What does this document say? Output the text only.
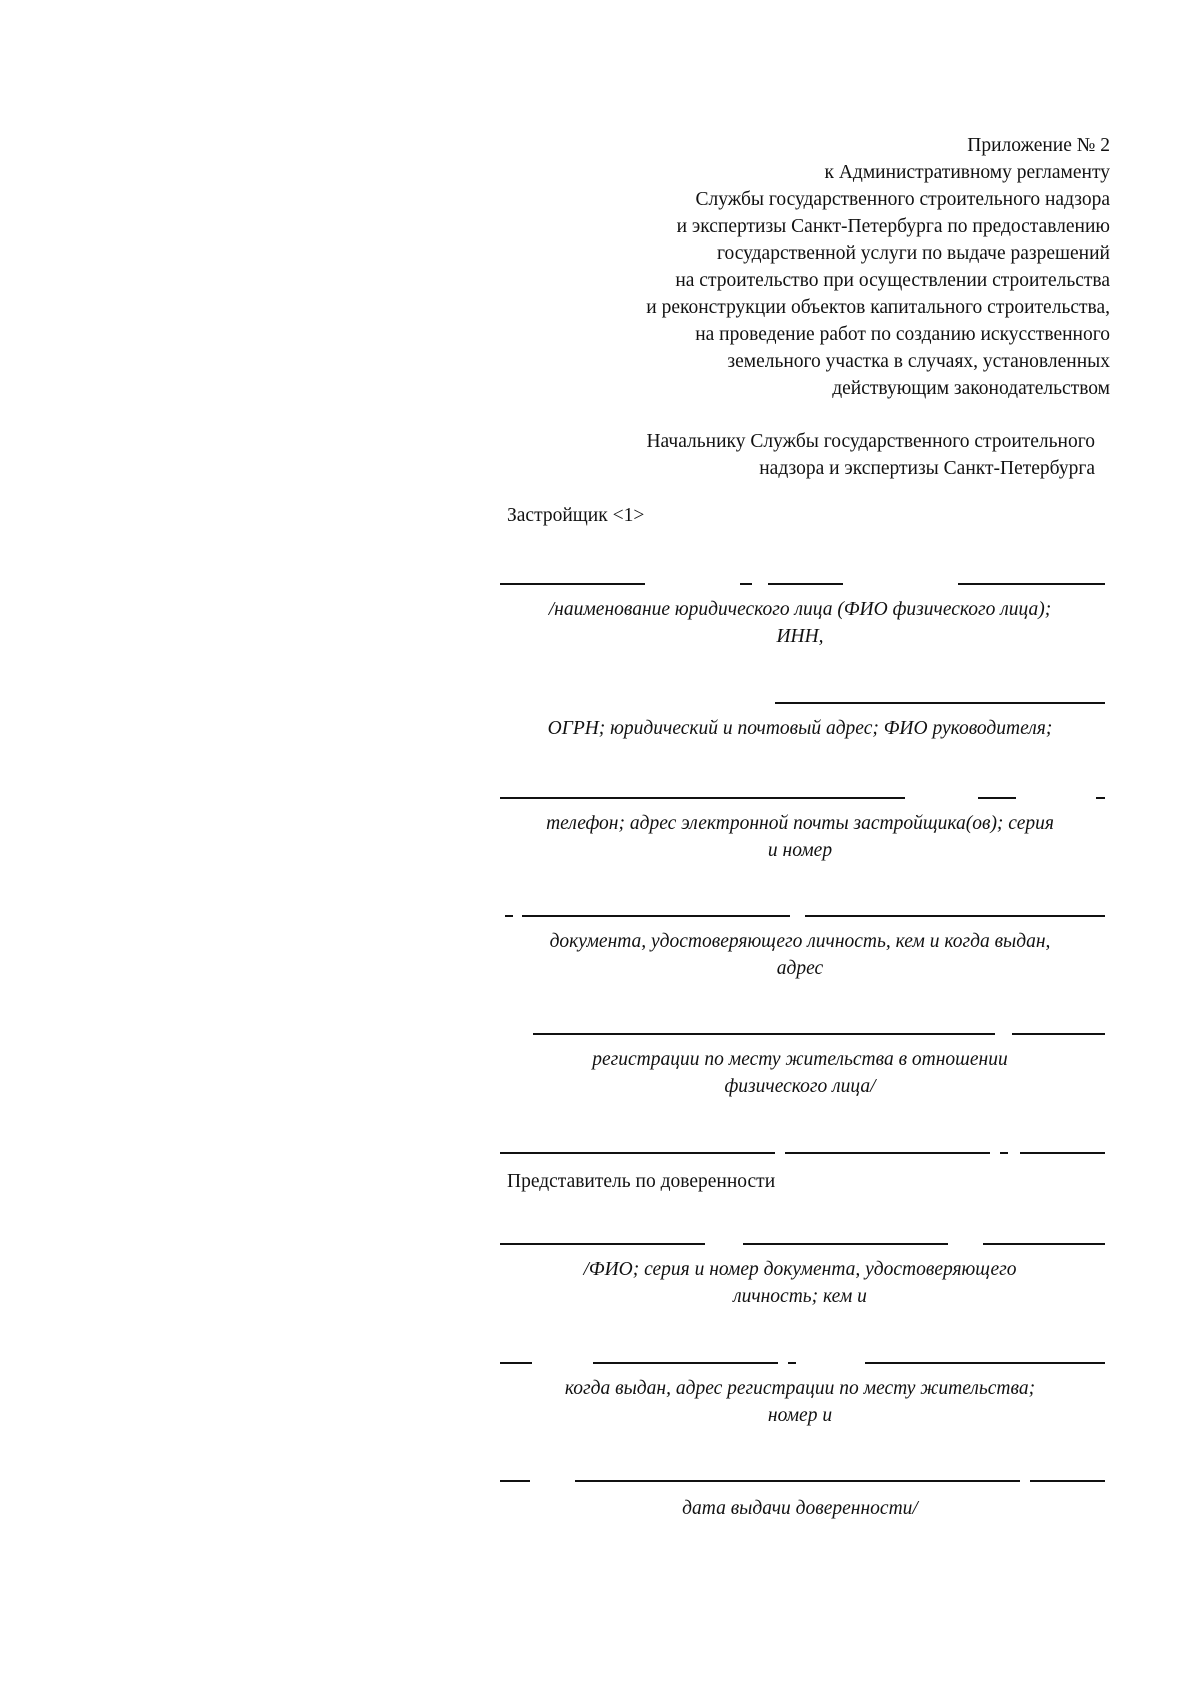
Приложение № 2
к Административному регламенту
Службы государственного строительного надзора
и экспертизы Санкт-Петербурга по предоставлению
государственной услуги по выдаче разрешений
на строительство при осуществлении строительства
и реконструкции объектов капитального строительства,
на проведение работ по созданию искусственного
земельного участка в случаях, установленных
действующим законодательством
Начальнику Службы государственного строительного
надзора и экспертизы Санкт-Петербурга
Застройщик <1>
/наименование юридического лица (ФИО физического лица);
ИНН,
ОГРН; юридический и почтовый адрес; ФИО руководителя;
телефон; адрес электронной почты застройщика(ов); серия
и номер
документа, удостоверяющего личность, кем и когда выдан,
адрес
регистрации по месту жительства в отношении
физического лица/
Представитель по доверенности
/ФИО; серия и номер документа, удостоверяющего
личность; кем и
когда выдан, адрес регистрации по месту жительства;
номер и
дата выдачи доверенности/
